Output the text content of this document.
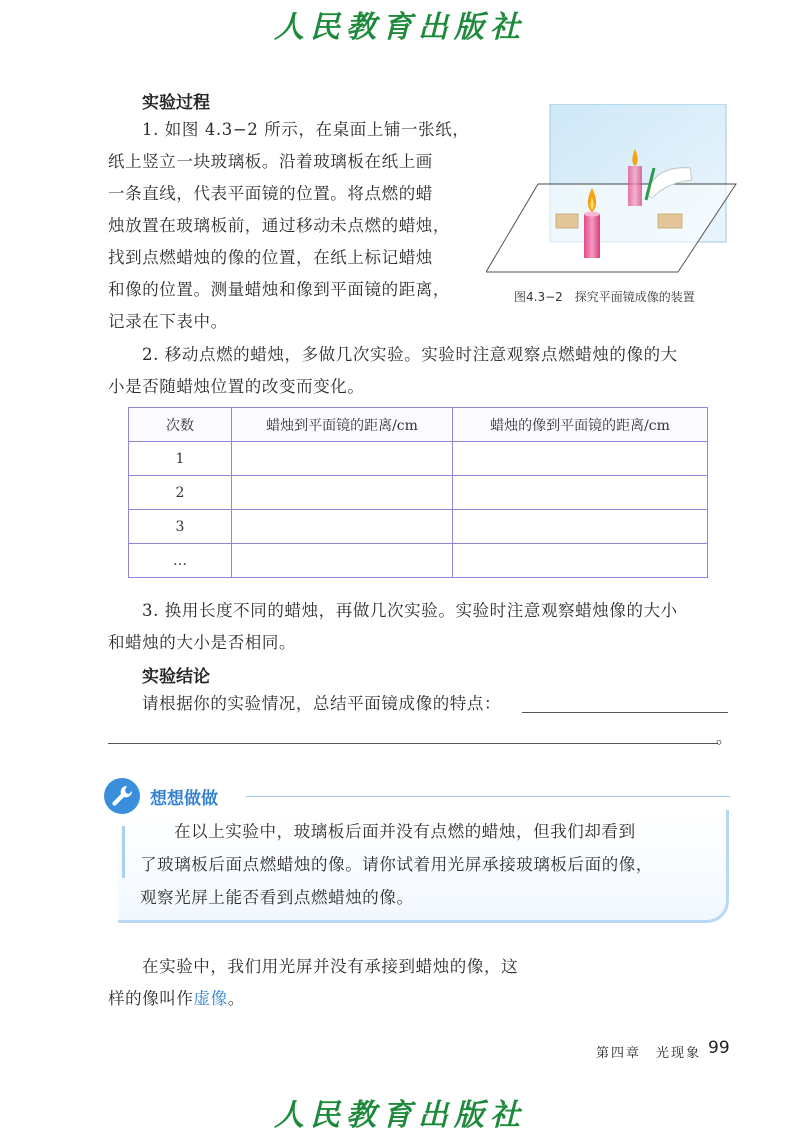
人民教育出版社
实验过程

1. 如图 4.3−2 所示，在桌面上铺一张纸，

纸上竖立一块玻璃板。沿着玻璃板在纸上画

一条直线，代表平面镜的位置。将点燃的蜡

烛放置在玻璃板前，通过移动未点燃的蜡烛，

找到点燃蜡烛的像的位置，在纸上标记蜡烛

和像的位置。测量蜡烛和像到平面镜的距离，

记录在下表中。

图4.3−2　探究平面镜成像的装置

2. 移动点燃的蜡烛，多做几次实验。实验时注意观察点燃蜡烛的像的大

小是否随蜡烛位置的改变而变化。

次数	蜡烛到平面镜的距离/cm	蜡烛的像到平面镜的距离/cm
1		
2		
3		
…		

3. 换用长度不同的蜡烛，再做几次实验。实验时注意观察蜡烛像的大小

和蜡烛的大小是否相同。

实验结论
请根据你的实验情况，总结平面镜成像的特点：
。
想想做做

在以上实验中，玻璃板后面并没有点燃的蜡烛，但我们却看到

了玻璃板后面点燃蜡烛的像。请你试着用光屏承接玻璃板后面的像，

观察光屏上能否看到点燃蜡烛的像。

在实验中，我们用光屏并没有承接到蜡烛的像，这

样的像叫作虚像。

第四章　光现象 99
人民教育出版社
